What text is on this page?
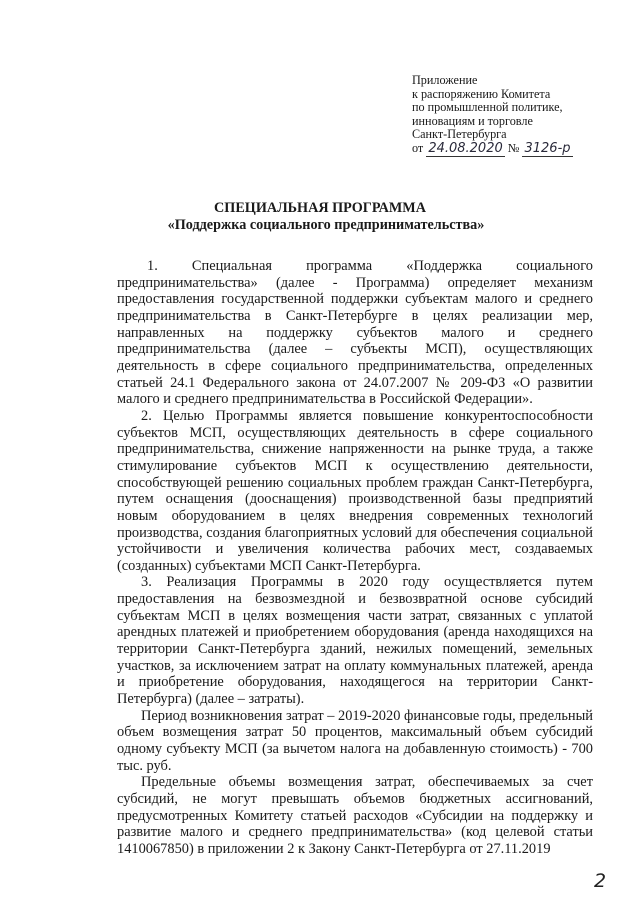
Приложение
к распоряжению Комитета
по промышленной политике,
инновациям и торговле
Санкт-Петербурга
от 24.08.2020 № 3126-р
СПЕЦИАЛЬНАЯ ПРОГРАММА
«Поддержка социального предпринимательства»

1. Специальная программа «Поддержка социального предпринимательства» (далее - Программа) определяет механизм предоставления государственной поддержки субъектам малого и среднего предпринимательства в Санкт-Петербурге в целях реализации мер, направленных на поддержку субъектов малого и среднего предпринимательства (далее – субъекты МСП), осуществляющих деятельность в сфере социального предпринимательства, определенных статьей 24.1 Федерального закона от 24.07.2007 № 209-ФЗ «О развитии малого и среднего предпринимательства в Российской Федерации».

2. Целью Программы является повышение конкурентоспособности субъектов МСП, осуществляющих деятельность в сфере социального предпринимательства, снижение напряженности на рынке труда, а также стимулирование субъектов МСП к осуществлению деятельности, способствующей решению социальных проблем граждан Санкт-Петербурга, путем оснащения (дооснащения) производственной базы предприятий новым оборудованием в целях внедрения современных технологий производства, создания благоприятных условий для обеспечения социальной устойчивости и увеличения количества рабочих мест, создаваемых (созданных) субъектами МСП Санкт-Петербурга.

3. Реализация Программы в 2020 году осуществляется путем предоставления на безвозмездной и безвозвратной основе субсидий субъектам МСП в целях возмещения части затрат, связанных с уплатой арендных платежей и приобретением оборудования (аренда находящихся на территории Санкт-Петербурга зданий, нежилых помещений, земельных участков, за исключением затрат на оплату коммунальных платежей, аренда и приобретение оборудования, находящегося на территории Санкт-Петербурга) (далее – затраты).

Период возникновения затрат – 2019-2020 финансовые годы, предельный объем возмещения затрат 50 процентов, максимальный объем субсидий одному субъекту МСП (за вычетом налога на добавленную стоимость) - 700 тыс. руб.

Предельные объемы возмещения затрат, обеспечиваемых за счет субсидий, не могут превышать объемов бюджетных ассигнований, предусмотренных Комитету статьей расходов «Субсидии на поддержку и развитие малого и среднего предпринимательства» (код целевой статьи 1410067850) в приложении 2 к Закону Санкт-Петербурга от 27.11.2019

2
